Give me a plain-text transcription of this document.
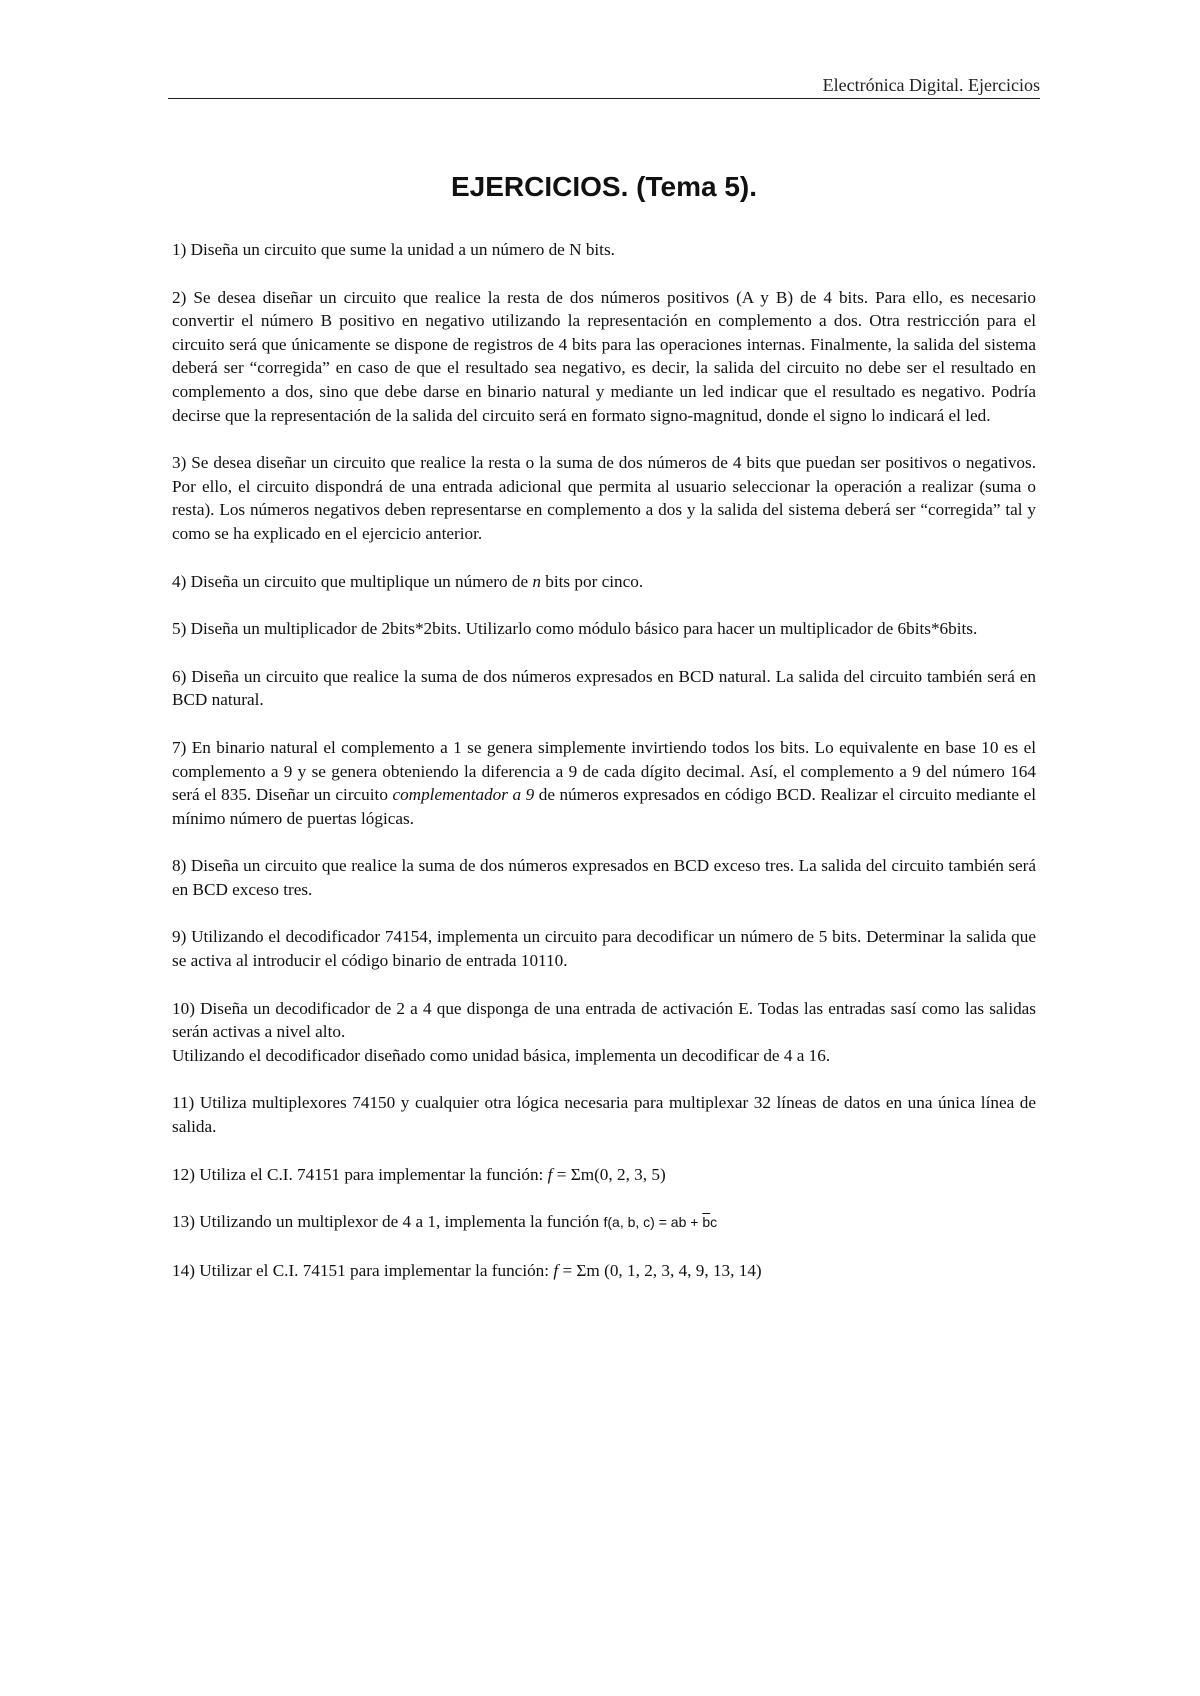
Electrónica Digital. Ejercicios
EJERCICIOS. (Tema 5).

1) Diseña un circuito que sume la unidad a un número de N bits.

2) Se desea diseñar un circuito que realice la resta de dos números positivos (A y B) de 4 bits. Para ello, es necesario convertir el número B positivo en negativo utilizando la representación en complemento a dos. Otra restricción para el circuito será que únicamente se dispone de registros de 4 bits para las operaciones internas. Finalmente, la salida del sistema deberá ser “corregida” en caso de que el resultado sea negativo, es decir, la salida del circuito no debe ser el resultado en complemento a dos, sino que debe darse en binario natural y mediante un led indicar que el resultado es negativo. Podría decirse que la representación de la salida del circuito será en formato signo-magnitud, donde el signo lo indicará el led.

3) Se desea diseñar un circuito que realice la resta o la suma de dos números de 4 bits que puedan ser positivos o negativos. Por ello, el circuito dispondrá de una entrada adicional que permita al usuario seleccionar la operación a realizar (suma o resta). Los números negativos deben representarse en complemento a dos y la salida del sistema deberá ser “corregida” tal y como se ha explicado en el ejercicio anterior.

4) Diseña un circuito que multiplique un número de n bits por cinco.

5) Diseña un multiplicador de 2bits*2bits. Utilizarlo como módulo básico para hacer un multiplicador de 6bits*6bits.

6) Diseña un circuito que realice la suma de dos números expresados en BCD natural. La salida del circuito también será en BCD natural.

7) En binario natural el complemento a 1 se genera simplemente invirtiendo todos los bits. Lo equivalente en base 10 es el complemento a 9 y se genera obteniendo la diferencia a 9 de cada dígito decimal. Así, el complemento a 9 del número 164 será el 835. Diseñar un circuito complementador a 9 de números expresados en código BCD. Realizar el circuito mediante el mínimo número de puertas lógicas.

8) Diseña un circuito que realice la suma de dos números expresados en BCD exceso tres. La salida del circuito también será en BCD exceso tres.

9) Utilizando el decodificador 74154, implementa un circuito para decodificar un número de 5 bits. Determinar la salida que se activa al introducir el código binario de entrada 10110.

10) Diseña un decodificador de 2 a 4 que disponga de una entrada de activación E. Todas las entradas sasí como las salidas serán activas a nivel alto.
Utilizando el decodificador diseñado como unidad básica, implementa un decodificar de 4 a 16.

11) Utiliza multiplexores 74150 y cualquier otra lógica necesaria para multiplexar 32 líneas de datos en una única línea de salida.

12) Utiliza el C.I. 74151 para implementar la función: f = Σm(0, 2, 3, 5)

13) Utilizando un multiplexor de 4 a 1, implementa la función f(a, b, c) = ab + $\overline{b}c$

14) Utilizar el C.I. 74151 para implementar la función: f = Σm (0, 1, 2, 3, 4, 9, 13, 14)
